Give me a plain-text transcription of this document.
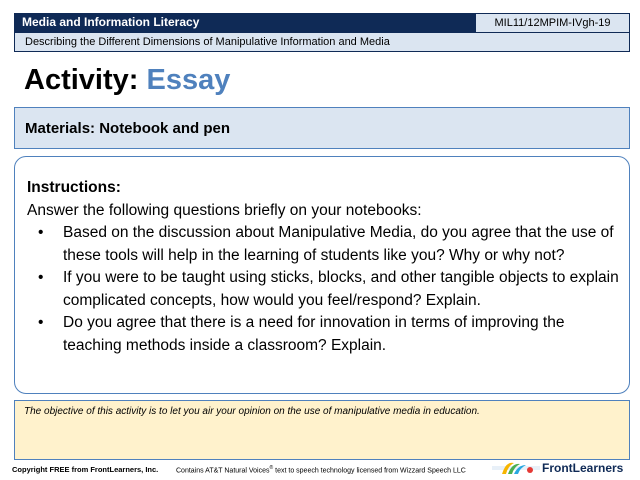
Media and Information Literacy	MIL11/12MPIM-IVgh-19
Describing the Different Dimensions of Manipulative Information and Media
Activity: Essay
Materials: Notebook and pen
Instructions:
Answer the following questions briefly on your notebooks:
• Based on the discussion about Manipulative Media, do you agree that the use of these tools will help in the learning of students like you? Why or why not?
• If you were to be taught using sticks, blocks, and other tangible objects to explain complicated concepts, how would you feel/respond? Explain.
• Do you agree that there is a need for innovation in terms of improving the teaching methods inside a classroom? Explain.
The objective of this activity is to let you air your opinion on the use of manipulative media in education.
Copyright FREE from FrontLearners, Inc.	Contains AT&T Natural Voices® text to speech technology licensed from Wizzard Speech LLC	FrontLearners
